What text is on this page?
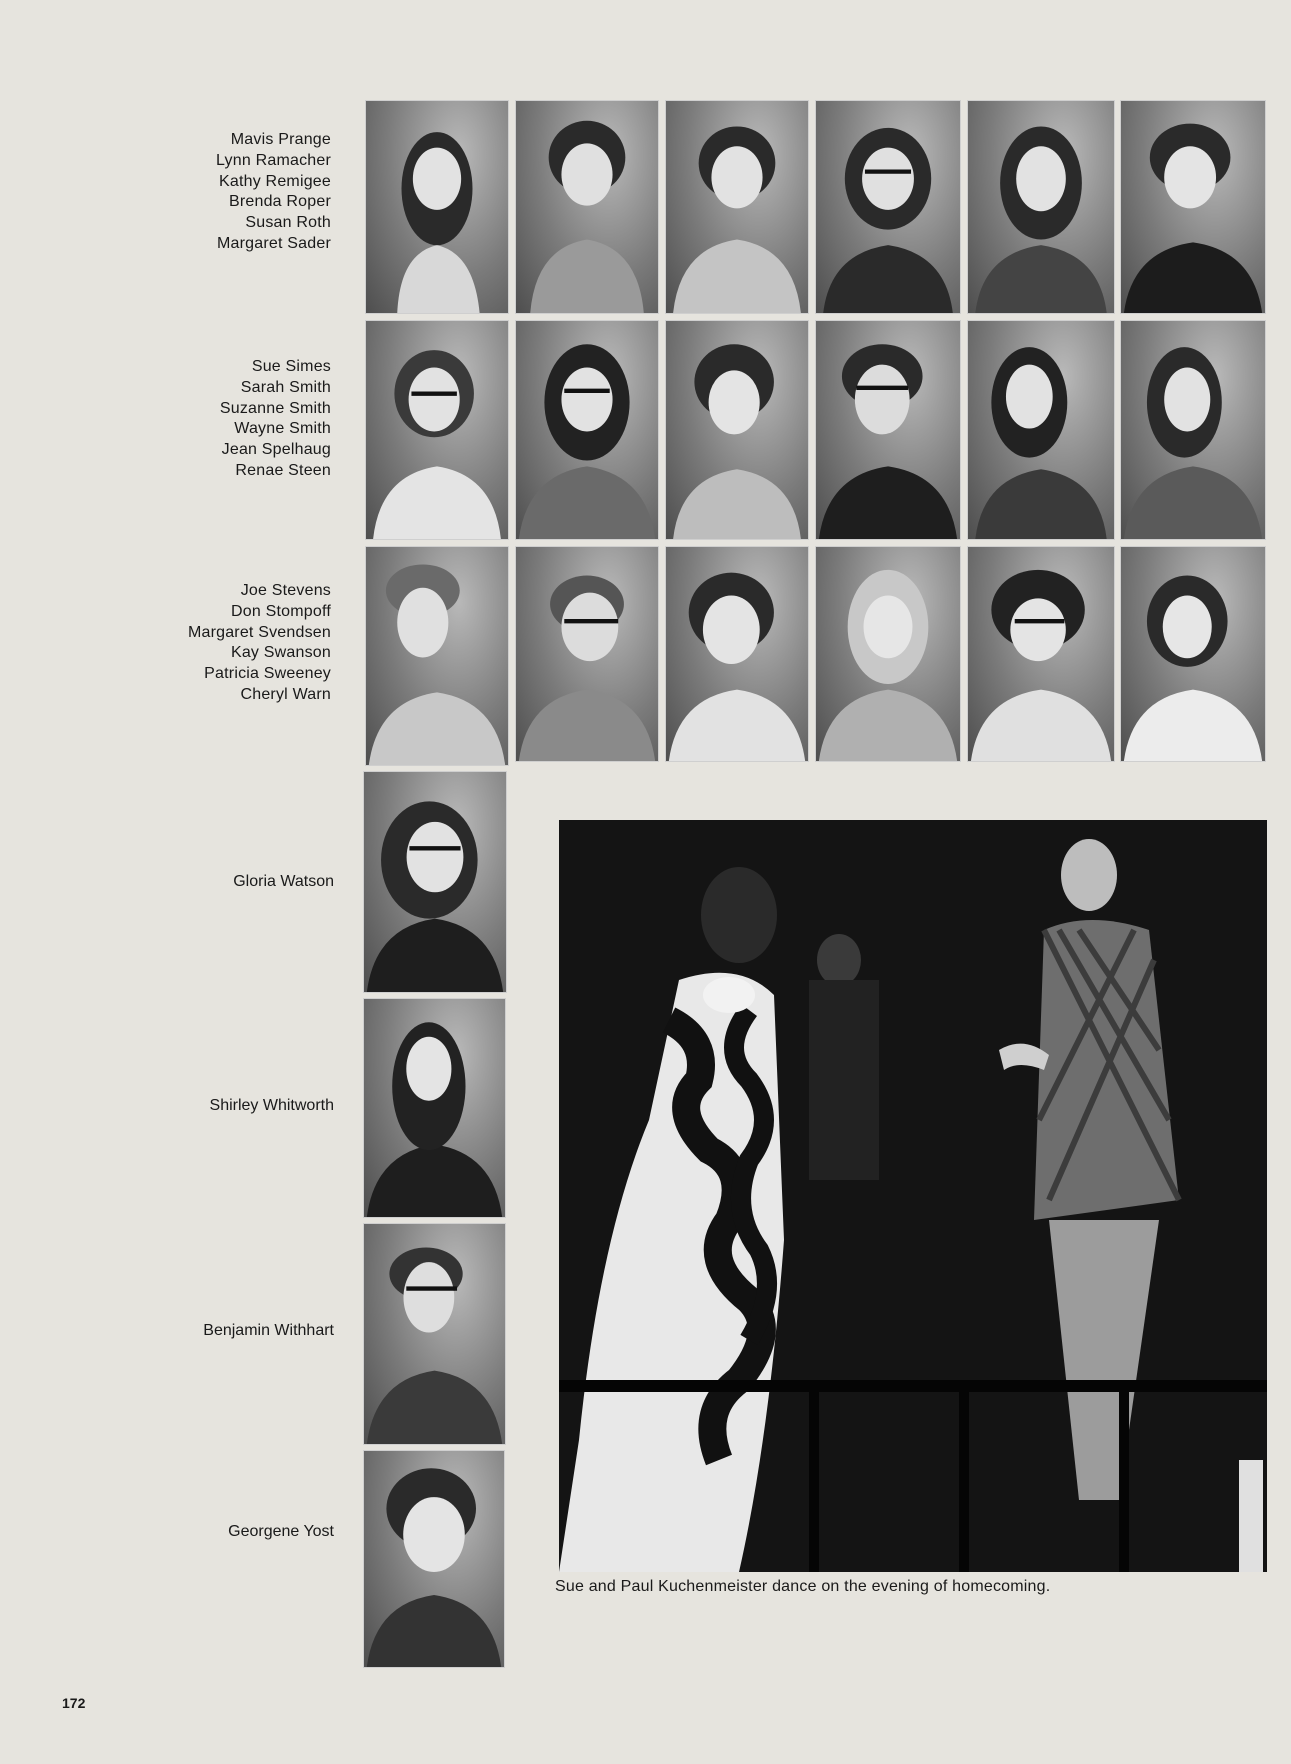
Mavis Prange
Lynn Ramacher
Kathy Remigee
Brenda Roper
Susan Roth
Margaret Sader
Sue Simes
Sarah Smith
Suzanne Smith
Wayne Smith
Jean Spelhaug
Renae Steen
Joe Stevens
Don Stompoff
Margaret Svendsen
Kay Swanson
Patricia Sweeney
Cheryl Warn
Gloria Watson
Shirley Whitworth
Benjamin Withhart
Georgene Yost
Sue and Paul Kuchenmeister dance on the evening of homecoming.
172
